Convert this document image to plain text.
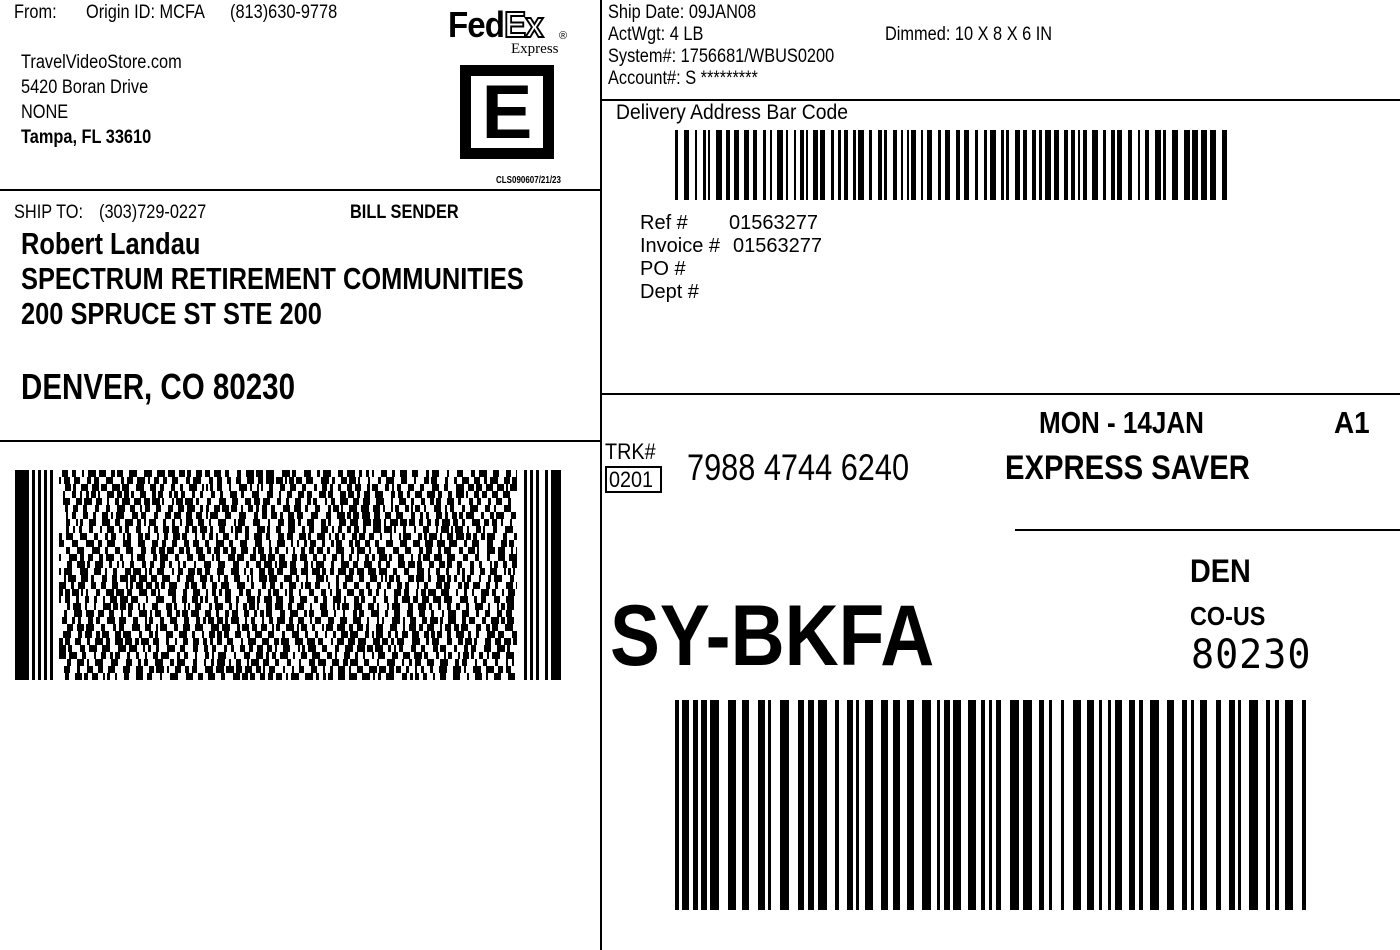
From:	Origin ID: MCFA	(813)630-9778
TravelVideoStore.com
5420 Boran Drive
NONE
Tampa, FL 33610
FedEx	®
Express
E
CLS090607/21/23
Ship Date: 09JAN08
ActWgt: 4 LB
System#: 1756681/WBUS0200
Account#: S *********
Dimmed: 10 X 8 X 6 IN
SHIP TO: (303)729-0227	BILL SENDER
Robert Landau
SPECTRUM RETIREMENT COMMUNITIES
200 SPRUCE ST STE 200
DENVER, CO 80230
Delivery Address Bar Code
Ref # 01563277
Invoice # 01563277
PO #
Dept #
TRK#
0201 7988 4744 6240
MON - 14JAN	A1
EXPRESS SAVER
SY-BKFA
DEN
CO-US
80230
